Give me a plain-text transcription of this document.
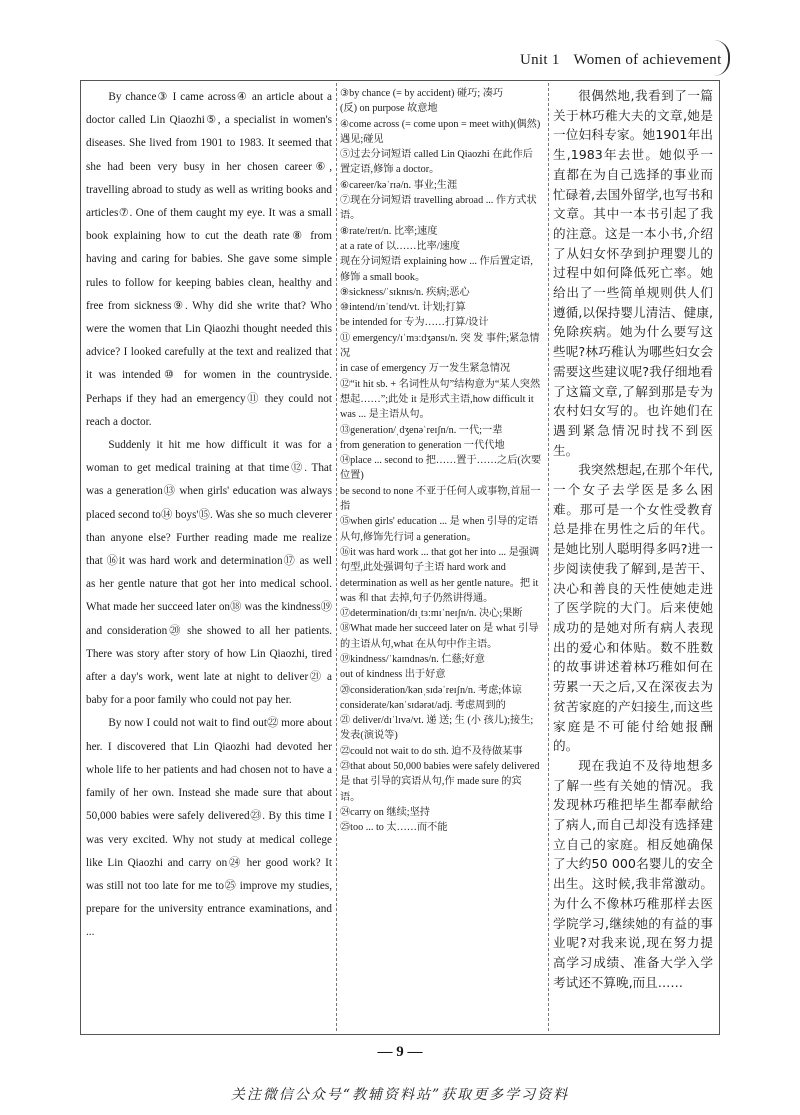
Unit 1 Women of achievement

By chance③ I came across④ an article about a doctor called Lin Qiaozhi⑤, a specialist in women's diseases. She lived from 1901 to 1983. It seemed that she had been very busy in her chosen career⑥, travelling abroad to study as well as writing books and articles⑦. One of them caught my eye. It was a small book explaining how to cut the death rate⑧ from having and caring for babies. She gave some simple rules to follow for keeping babies clean, healthy and free from sickness⑨. Why did she write that? Who were the women that Lin Qiaozhi thought needed this advice? I looked carefully at the text and realized that it was intended⑩ for women in the countryside. Perhaps if they had an emergency⑪ they could not reach a doctor.

Suddenly it hit me how difficult it was for a woman to get medical training at that time⑫. That was a generation⑬ when girls' education was always placed second to⑭ boys'⑮. Was she so much cleverer than anyone else? Further reading made me realize that ⑯it was hard work and determination⑰ as well as her gentle nature that got her into medical school. What made her succeed later on⑱ was the kindness⑲ and consideration⑳ she showed to all her patients. There was story after story of how Lin Qiaozhi, tired after a day's work, went late at night to deliver㉑ a baby for a poor family who could not pay her.

By now I could not wait to find out㉒ more about her. I discovered that Lin Qiaozhi had devoted her whole life to her patients and had chosen not to have a family of her own. Instead she made sure that about 50,000 babies were safely delivered㉓. By this time I was very excited. Why not study at medical college like Lin Qiaozhi and carry on㉔ her good work? It was still not too late for me to㉕ improve my studies, prepare for the university entrance examinations, and ...

③by chance (= by accident) 碰巧; 凑巧
(反) on purpose 故意地
④come across (= come upon = meet with)(偶然)遇见;碰见
⑤过去分词短语 called Lin Qiaozhi 在此作后置定语,修饰 a doctor。
⑥career/kəˈrɪə/n. 事业;生涯
⑦现在分词短语 travelling abroad ... 作方式状语。
⑧rate/reɪt/n. 比率;速度
at a rate of 以……比率/速度
现在分词短语 explaining how ... 作后置定语,修饰 a small book。
⑨sickness/ˈsɪknɪs/n. 疾病;恶心
⑩intend/ɪnˈtend/vt. 计划;打算
be intended for 专为……打算/设计
⑪ emergency/ɪˈmɜːdʒənsɪ/n. 突 发 事件;紧急情况
in case of emergency 万一发生紧急情况
⑫“it hit sb. + 名词性从句”结构意为“某人突然想起……”;此处 it 是形式主语,how difficult it was ... 是主语从句。
⑬generation/ˌdʒenəˈreɪʃn/n. 一代;一辈
from generation to generation 一代代地
⑭place ... second to 把……置于……之后(次要位置)
be second to none 不亚于任何人或事物,首屈一指
⑮when girls' education ... 是 when 引导的定语从句,修饰先行词 a generation。
⑯it was hard work ... that got her into ... 是强调句型,此处强调句子主语 hard work and determination as well as her gentle nature。把 it was 和 that 去掉,句子仍然讲得通。
⑰determination/dɪˌtɜːmɪˈneɪʃn/n. 决心;果断
⑱What made her succeed later on 是 what 引导的主语从句,what 在从句中作主语。
⑲kindness/ˈkaɪndnəs/n. 仁慈;好意
out of kindness 出于好意
⑳consideration/kənˌsɪdəˈreɪʃn/n. 考虑;体谅
considerate/kənˈsɪdərət/adj. 考虑周到的
㉑ deliver/dɪˈlɪvə/vt. 递 送; 生 (小 孩儿);接生;发表(演说等)
㉒could not wait to do sth. 迫不及待做某事
㉓that about 50,000 babies were safely delivered 是 that 引导的宾语从句,作 made sure 的宾语。
㉔carry on 继续;坚持
㉕too ... to 太……而不能

很偶然地,我看到了一篇关于林巧稚大夫的文章,她是一位妇科专家。她1901年出生,1983年去世。她似乎一直都在为自己选择的事业而忙碌着,去国外留学,也写书和文章。其中一本书引起了我的注意。这是一本小书,介绍了从妇女怀孕到护理婴儿的过程中如何降低死亡率。她给出了一些简单规则供人们遵循,以保持婴儿清洁、健康,免除疾病。她为什么要写这些呢?林巧稚认为哪些妇女会需要这些建议呢?我仔细地看了这篇文章,了解到那是专为农村妇女写的。也许她们在遇到紧急情况时找不到医生。

我突然想起,在那个年代,一个女子去学医是多么困难。那可是一个女性受教育总是排在男性之后的年代。是她比别人聪明得多吗?进一步阅读使我了解到,是苦干、决心和善良的天性使她走进了医学院的大门。后来使她成功的是她对所有病人表现出的爱心和体贴。数不胜数的故事讲述着林巧稚如何在劳累一天之后,又在深夜去为贫苦家庭的产妇接生,而这些家庭是不可能付给她报酬的。

现在我迫不及待地想多了解一些有关她的情况。我发现林巧稚把毕生都奉献给了病人,而自己却没有选择建立自己的家庭。相反她确保了大约50 000名婴儿的安全出生。这时候,我非常激动。为什么不像林巧稚那样去医学院学习,继续她的有益的事业呢?对我来说,现在努力提高学习成绩、准备大学入学考试还不算晚,而且……

— 9 —
关注微信公众号“教辅资料站”获取更多学习资料
